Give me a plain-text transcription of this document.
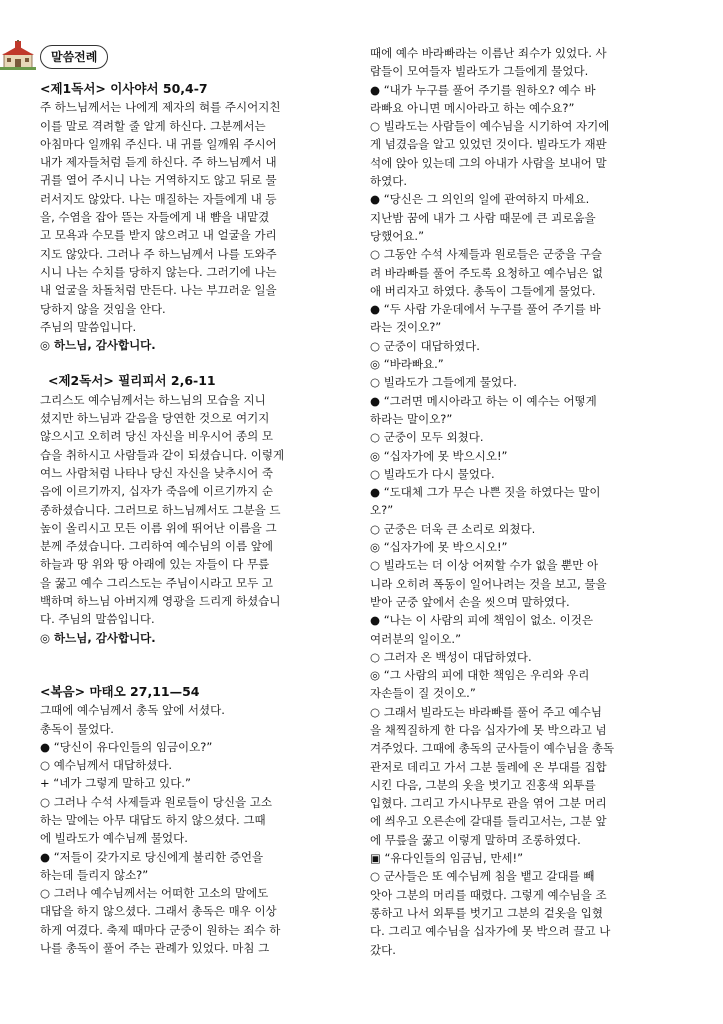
말씀전례

<제1독서> 이사야서 50,4-7

주 하느님께서는 나에게 제자의 혀를 주시어지친

이를 말로 격려할 줄 알게 하신다. 그분께서는

아침마다 일깨워 주신다. 내 귀를 일깨워 주시어

내가 제자들처럼 듣게 하신다. 주 하느님께서 내

귀를 열어 주시니 나는 거역하지도 않고 뒤로 물

러서지도 않았다. 나는 매질하는 자들에게 내 등

을, 수염을 잡아 뜯는 자들에게 내 뺨을 내맡겼

고 모욕과 수모를 받지 않으려고 내 얼굴을 가리

지도 않았다. 그러나 주 하느님께서 나를 도와주

시니 나는 수치를 당하지 않는다. 그러기에 나는

내 얼굴을 차돌처럼 만든다. 나는 부끄러운 일을

당하지 않을 것임을 안다.

주님의 말씀입니다.

◎ 하느님, 감사합니다.

<제2독서> 필리피서 2,6-11

그리스도 예수님께서는 하느님의 모습을 지니

셨지만 하느님과 같음을 당연한 것으로 여기지

않으시고 오히려 당신 자신을 비우시어 종의 모

습을 취하시고 사람들과 같이 되셨습니다. 이렇게

여느 사람처럼 나타나 당신 자신을 낮추시어 죽

음에 이르기까지, 십자가 죽음에 이르기까지 순

종하셨습니다. 그러므로 하느님께서도 그분을 드

높이 올리시고 모든 이름 위에 뛰어난 이름을 그

분께 주셨습니다. 그리하여 예수님의 이름 앞에

하늘과 땅 위와 땅 아래에 있는 자들이 다 무릎

을 꿇고 예수 그리스도는 주님이시라고 모두 고

백하며 하느님 아버지께 영광을 드리게 하셨습니

다. 주님의 말씀입니다.

◎ 하느님, 감사합니다.

<복음> 마태오 27,11—54

그때에 예수님께서 총독 앞에 서셨다.

총독이 물었다.

● “당신이 유다인들의 임금이오?”

○ 예수님께서 대답하셨다.

+ “네가 그렇게 말하고 있다.”

○ 그러나 수석 사제들과 원로들이 당신을 고소

하는 말에는 아무 대답도 하지 않으셨다. 그때

에 빌라도가 예수님께 물었다.

● “저들이 갖가지로 당신에게 불리한 증언을

하는데 들리지 않소?”

○ 그러나 예수님께서는 어떠한 고소의 말에도

대답을 하지 않으셨다. 그래서 총독은 매우 이상

하게 여겼다. 축제 때마다 군중이 원하는 죄수 하

나를 총독이 풀어 주는 관례가 있었다. 마침 그

때에 예수 바라빠라는 이름난 죄수가 있었다. 사

람들이 모여들자 빌라도가 그들에게 물었다.

● “내가 누구를 풀어 주기를 원하오? 예수 바

라빠요 아니면 메시아라고 하는 예수요?”

○ 빌라도는 사람들이 예수님을 시기하여 자기에

게 넘겼음을 알고 있었던 것이다. 빌라도가 재판

석에 앉아 있는데 그의 아내가 사람을 보내어 말

하였다.

● “당신은 그 의인의 일에 관여하지 마세요.

지난밤 꿈에 내가 그 사람 때문에 큰 괴로움을

당했어요.”

○ 그동안 수석 사제들과 원로들은 군중을 구슬

려 바라빠를 풀어 주도록 요청하고 예수님은 없

애 버리자고 하였다. 총독이 그들에게 물었다.

● “두 사람 가운데에서 누구를 풀어 주기를 바

라는 것이오?”

○ 군중이 대답하였다.

◎ “바라빠요.”

○ 빌라도가 그들에게 물었다.

● “그러면 메시아라고 하는 이 예수는 어떻게

하라는 말이오?”

○ 군중이 모두 외쳤다.

◎ “십자가에 못 박으시오!”

○ 빌라도가 다시 물었다.

● “도대체 그가 무슨 나쁜 짓을 하였다는 말이

오?”

○ 군중은 더욱 큰 소리로 외쳤다.

◎ “십자가에 못 박으시오!”

○ 빌라도는 더 이상 어찌할 수가 없을 뿐만 아

니라 오히려 폭동이 일어나려는 것을 보고, 물을

받아 군중 앞에서 손을 씻으며 말하였다.

● “나는 이 사람의 피에 책임이 없소. 이것은

여러분의 일이오.”

○ 그러자 온 백성이 대답하였다.

◎ “그 사람의 피에 대한 책임은 우리와 우리

자손들이 질 것이오.”

○ 그래서 빌라도는 바라빠를 풀어 주고 예수님

을 채찍질하게 한 다음 십자가에 못 박으라고 넘

겨주었다. 그때에 총독의 군사들이 예수님을 총독

관저로 데리고 가서 그분 둘레에 온 부대를 집합

시킨 다음, 그분의 옷을 벗기고 진홍색 외투를

입혔다. 그리고 가시나무로 관을 엮어 그분 머리

에 씌우고 오른손에 갈대를 들리고서는, 그분 앞

에 무릎을 꿇고 이렇게 말하며 조롱하였다.

▣ “유다인들의 임금님, 만세!”

○ 군사들은 또 예수님께 침을 뱉고 갈대를 빼

앗아 그분의 머리를 때렸다. 그렇게 예수님을 조

롱하고 나서 외투를 벗기고 그분의 겉옷을 입혔

다. 그리고 예수님을 십자가에 못 박으려 끌고 나

갔다.
